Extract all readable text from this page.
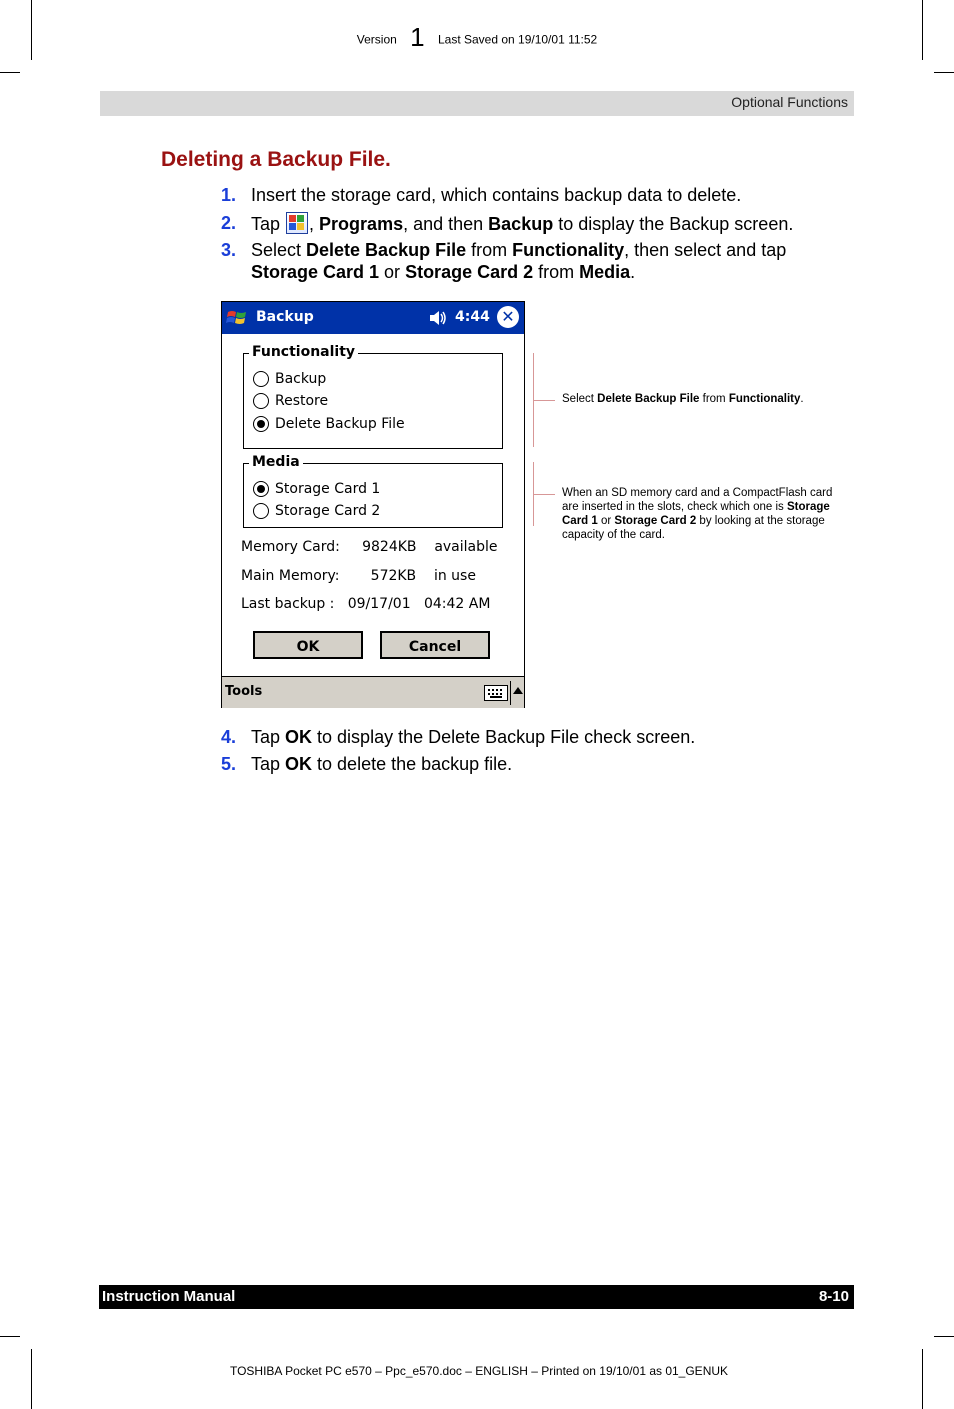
Version 1 Last Saved on 19/10/01 11:52
Optional Functions
Deleting a Backup File.
1. Insert the storage card, which contains backup data to delete.
2. Tap
, Programs, and then Backup to display the Backup screen.
3. Select Delete Backup File from Functionality, then select and tap
Storage Card 1 or Storage Card 2 from Media.
Backup	4:44 ✕
Functionality
Backup
Restore
Delete Backup File
Media
Storage Card 1
Storage Card 2
Memory Card:     9824KB    available
Main Memory:       572KB    in use
Last backup :   09/17/01   04:42 AM
OK	Cancel
Tools
Select Delete Backup File from Functionality.
When an SD memory card and a CompactFlash card are inserted in the slots, check which one is Storage Card 1 or Storage Card 2 by looking at the storage capacity of the card.
4. Tap OK to display the Delete Backup File check screen.
5. Tap OK to delete the backup file.
Instruction Manual	8-10
TOSHIBA Pocket PC e570 – Ppc_e570.doc – ENGLISH – Printed on 19/10/01 as 01_GENUK
